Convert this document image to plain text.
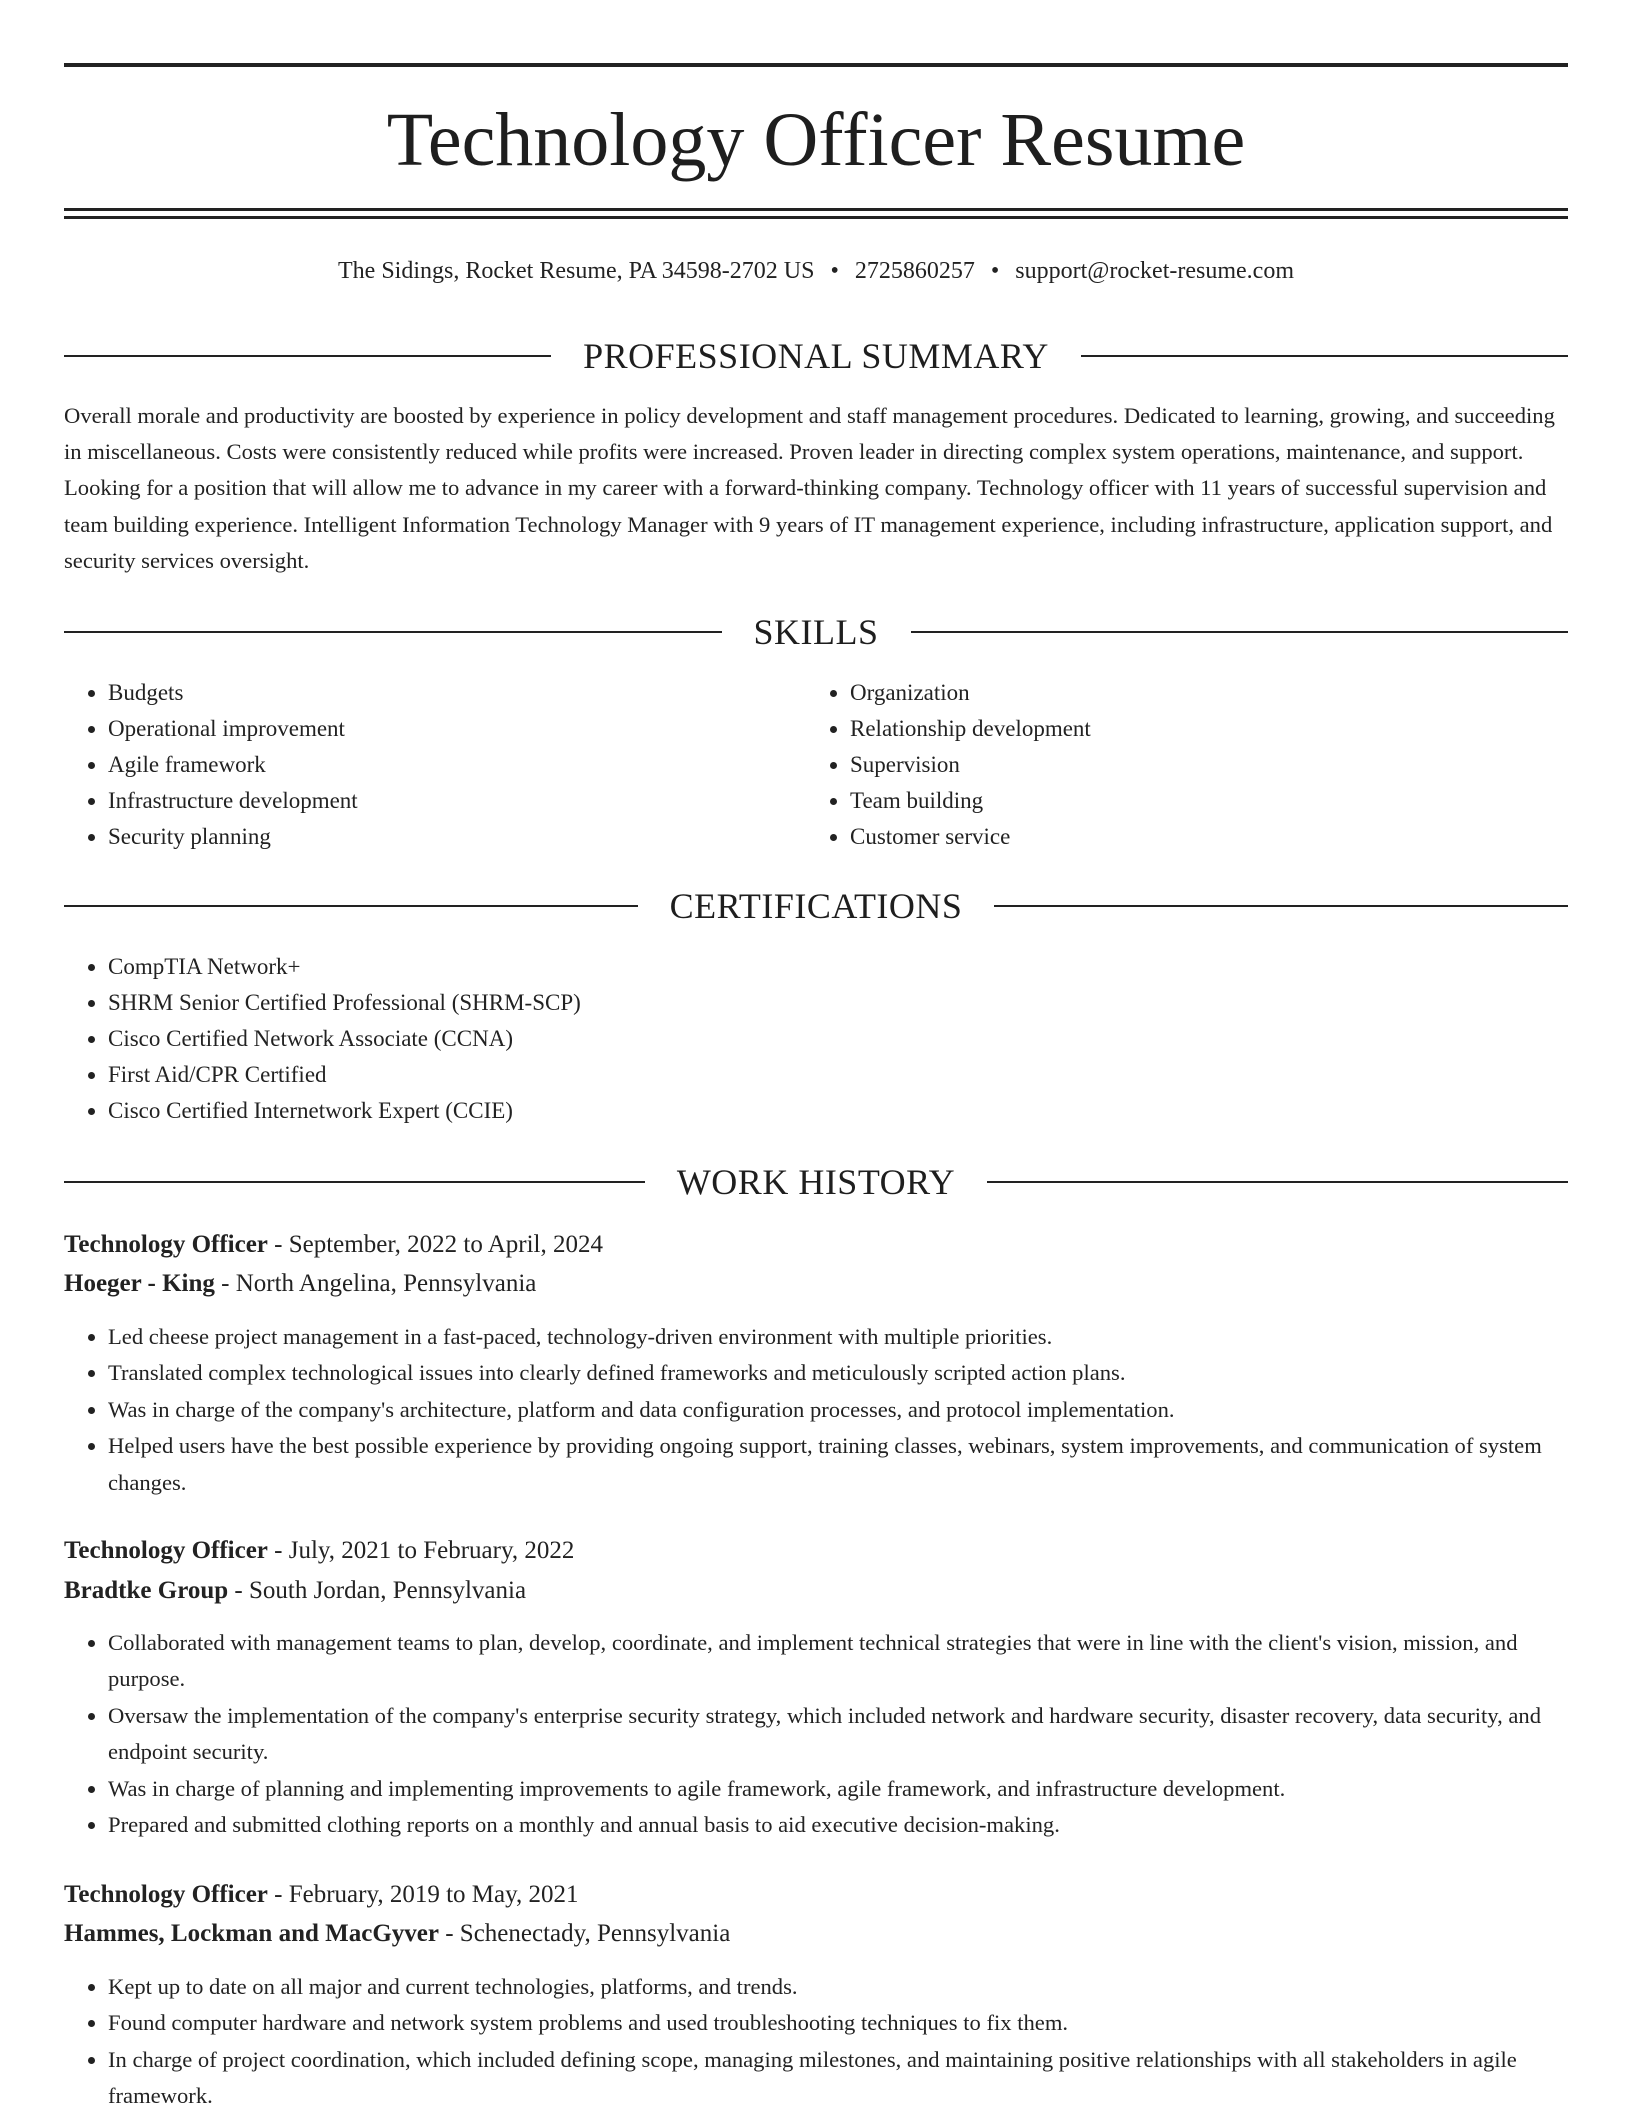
Technology Officer Resume
The Sidings, Rocket Resume, PA 34598-2702 US • 2725860257 • support@rocket-resume.com
PROFESSIONAL SUMMARY

Overall morale and productivity are boosted by experience in policy development and staff management procedures. Dedicated to learning, growing, and succeeding in miscellaneous. Costs were consistently reduced while profits were increased. Proven leader in directing complex system operations, maintenance, and support. Looking for a position that will allow me to advance in my career with a forward-thinking company. Technology officer with 11 years of successful supervision and team building experience. Intelligent Information Technology Manager with 9 years of IT management experience, including infrastructure, application support, and security services oversight.

SKILLS
• Budgets
• Operational improvement
• Agile framework
• Infrastructure development
• Security planning
• Organization
• Relationship development
• Supervision
• Team building
• Customer service
CERTIFICATIONS
• CompTIA Network+
• SHRM Senior Certified Professional (SHRM-SCP)
• Cisco Certified Network Associate (CCNA)
• First Aid/CPR Certified
• Cisco Certified Internetwork Expert (CCIE)
WORK HISTORY
Technology Officer - September, 2022 to April, 2024
Hoeger - King - North Angelina, Pennsylvania
• Led cheese project management in a fast-paced, technology-driven environment with multiple priorities.
• Translated complex technological issues into clearly defined frameworks and meticulously scripted action plans.
• Was in charge of the company's architecture, platform and data configuration processes, and protocol implementation.
• Helped users have the best possible experience by providing ongoing support, training classes, webinars, system improvements, and communication of system changes.
Technology Officer - July, 2021 to February, 2022
Bradtke Group - South Jordan, Pennsylvania
• Collaborated with management teams to plan, develop, coordinate, and implement technical strategies that were in line with the client's vision, mission, and purpose.
• Oversaw the implementation of the company's enterprise security strategy, which included network and hardware security, disaster recovery, data security, and endpoint security.
• Was in charge of planning and implementing improvements to agile framework, agile framework, and infrastructure development.
• Prepared and submitted clothing reports on a monthly and annual basis to aid executive decision-making.
Technology Officer - February, 2019 to May, 2021
Hammes, Lockman and MacGyver - Schenectady, Pennsylvania
• Kept up to date on all major and current technologies, platforms, and trends.
• Found computer hardware and network system problems and used troubleshooting techniques to fix them.
• In charge of project coordination, which included defining scope, managing milestones, and maintaining positive relationships with all stakeholders in agile framework.
